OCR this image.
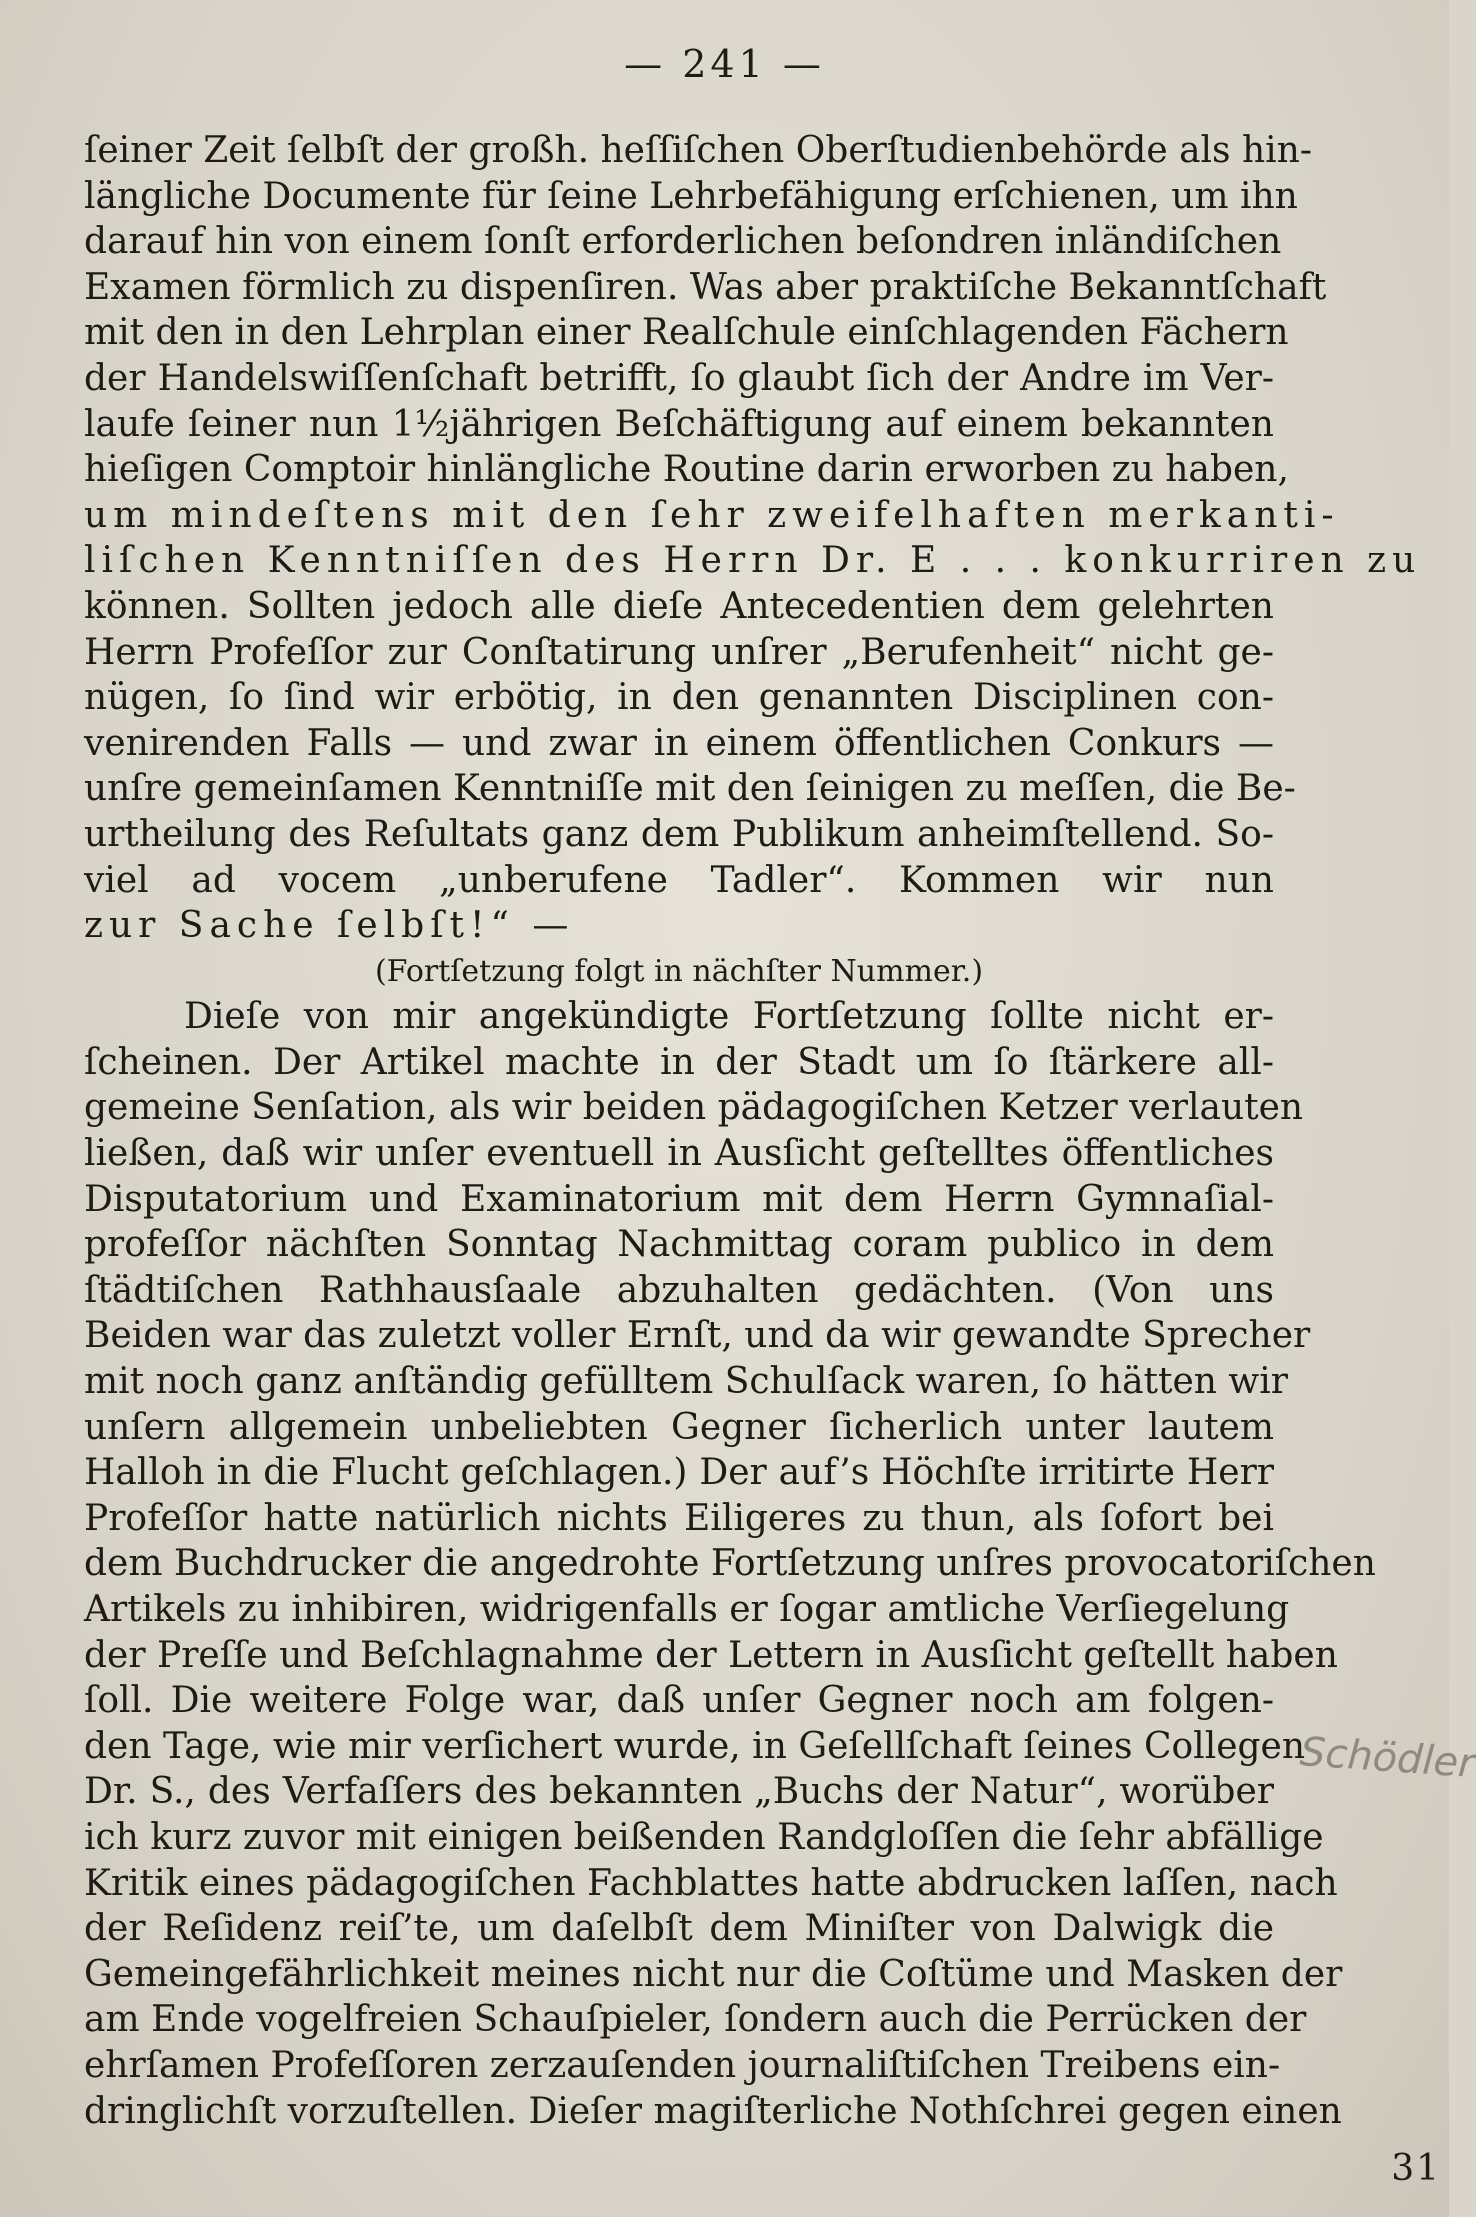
— 241 —
ſeiner Zeit ſelbſt der großh. heſſiſchen Oberſtudienbehörde als hin-
längliche Documente für ſeine Lehrbefähigung erſchienen, um ihn
darauf hin von einem ſonſt erforderlichen beſondren inländiſchen
Examen förmlich zu dispenſiren. Was aber praktiſche Bekanntſchaft
mit den in den Lehrplan einer Realſchule einſchlagenden Fächern
der Handelswiſſenſchaft betrifft, ſo glaubt ſich der Andre im Ver-
laufe ſeiner nun 1½jährigen Beſchäftigung auf einem bekannten
hieſigen Comptoir hinlängliche Routine darin erworben zu haben,
um mindeſtens mit den ſehr zweifelhaften merkanti-
liſchen Kenntniſſen des Herrn Dr. E . . . konkurriren zu
können. Sollten jedoch alle dieſe Antecedentien dem gelehrten
Herrn Profeſſor zur Conſtatirung unſrer „Berufenheit“ nicht ge-
nügen, ſo ſind wir erbötig, in den genannten Disciplinen con-
venirenden Falls — und zwar in einem öffentlichen Conkurs —
unſre gemeinſamen Kenntniſſe mit den ſeinigen zu meſſen, die Be-
urtheilung des Reſultats ganz dem Publikum anheimſtellend. So-
viel ad vocem „unberufene Tadler“. Kommen wir nun
zur Sache ſelbſt!“ —
(Fortſetzung folgt in nächſter Nummer.)
Dieſe von mir angekündigte Fortſetzung ſollte nicht er-
ſcheinen. Der Artikel machte in der Stadt um ſo ſtärkere all-
gemeine Senſation, als wir beiden pädagogiſchen Ketzer verlauten
ließen, daß wir unſer eventuell in Ausſicht geſtelltes öffentliches
Disputatorium und Examinatorium mit dem Herrn Gymnaſial-
profeſſor nächſten Sonntag Nachmittag coram publico in dem
ſtädtiſchen Rathhausſaale abzuhalten gedächten. (Von uns
Beiden war das zuletzt voller Ernſt, und da wir gewandte Sprecher
mit noch ganz anſtändig gefülltem Schulſack waren, ſo hätten wir
unſern allgemein unbeliebten Gegner ſicherlich unter lautem
Halloh in die Flucht geſchlagen.) Der auf’s Höchſte irritirte Herr
Profeſſor hatte natürlich nichts Eiligeres zu thun, als ſofort bei
dem Buchdrucker die angedrohte Fortſetzung unſres provocatoriſchen
Artikels zu inhibiren, widrigenfalls er ſogar amtliche Verſiegelung
der Preſſe und Beſchlagnahme der Lettern in Ausſicht geſtellt haben
ſoll. Die weitere Folge war, daß unſer Gegner noch am folgen-
den Tage, wie mir verſichert wurde, in Geſellſchaft ſeines Collegen
Dr. S., des Verfaſſers des bekannten „Buchs der Natur“, worüber
ich kurz zuvor mit einigen beißenden Randgloſſen die ſehr abfällige
Kritik eines pädagogiſchen Fachblattes hatte abdrucken laſſen, nach
der Reſidenz reiſ’te, um daſelbſt dem Miniſter von Dalwigk die
Gemeingefährlichkeit meines nicht nur die Coſtüme und Masken der
am Ende vogelfreien Schauſpieler, ſondern auch die Perrücken der
ehrſamen Profeſſoren zerzauſenden journaliſtiſchen Treibens ein-
dringlichſt vorzuſtellen. Dieſer magiſterliche Nothſchrei gegen einen
Schödler
31
